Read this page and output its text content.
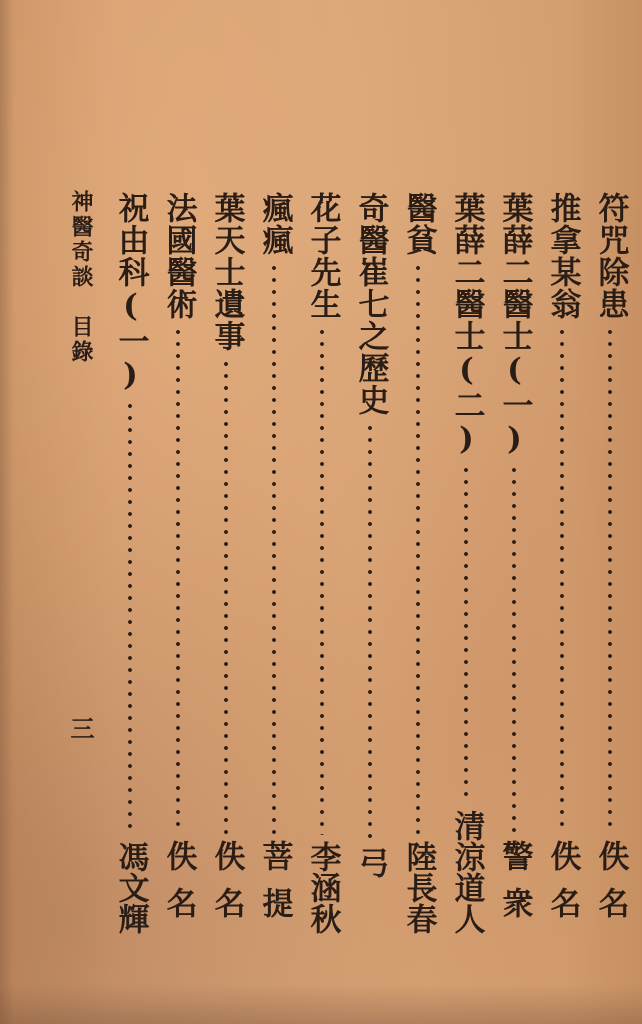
符咒除患
佚名
推拿某翁
佚名
葉薛二醫士(一)
警衆
葉薛二醫士(二)
清涼道人
醫貧
陸長春
奇醫崔七之歷史
弓
花子先生
李涵秋
瘋瘋
菩提
葉天士遺事
佚名
法國醫術
佚名
祝由科(一)
馮文輝
神醫奇談　目錄
三
